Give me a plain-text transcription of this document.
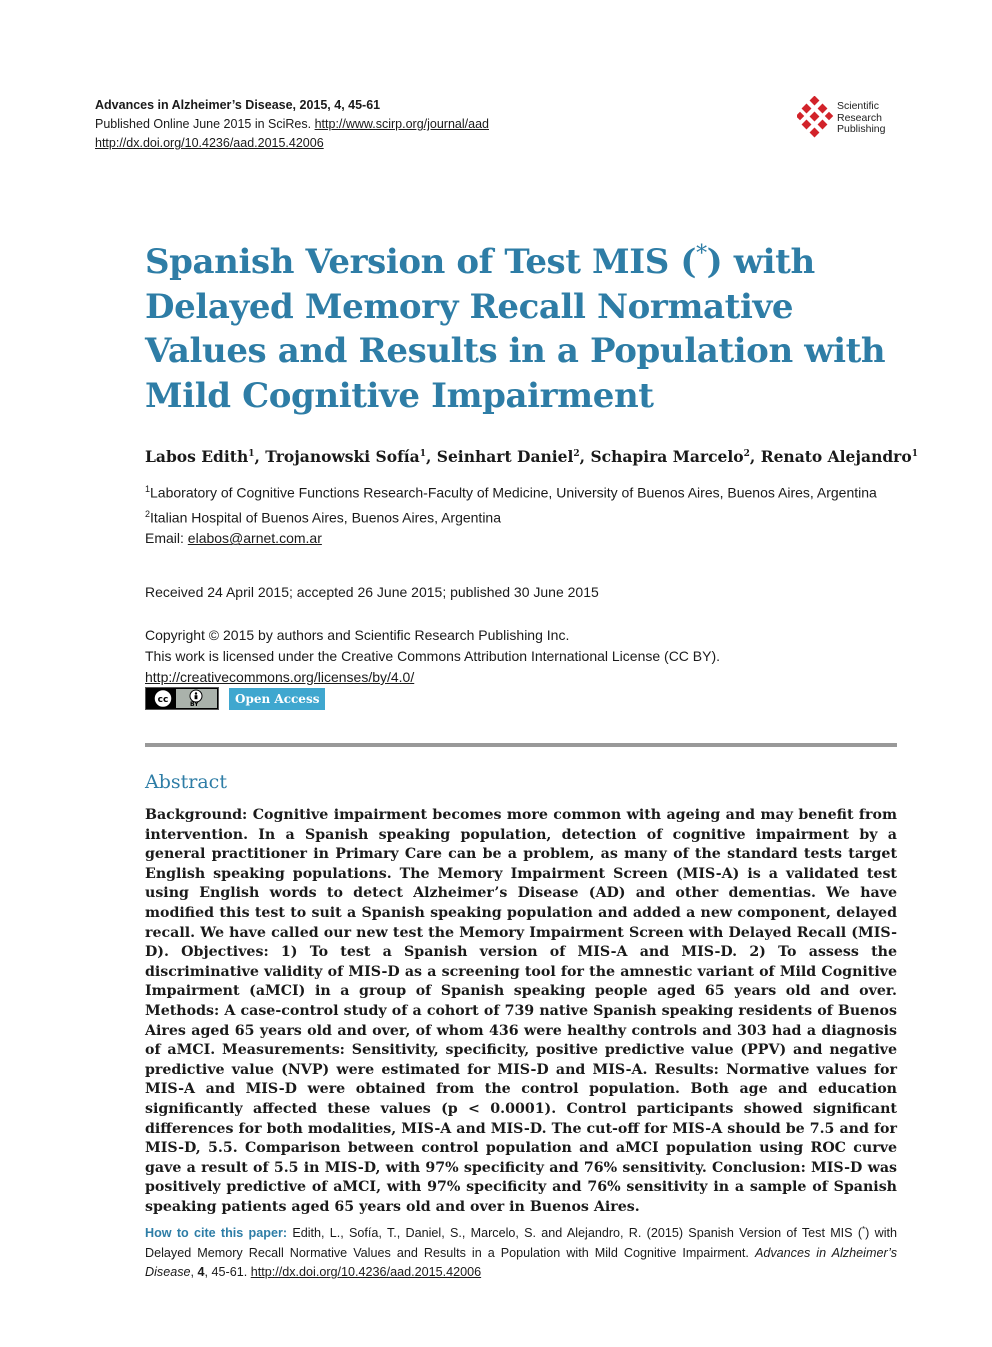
Advances in Alzheimer’s Disease, 2015, 4, 45-61
Published Online June 2015 in SciRes. http://www.scirp.org/journal/aad
http://dx.doi.org/10.4236/aad.2015.42006
Scientific
Research
Publishing
Spanish Version of Test MIS (*) with Delayed Memory Recall Normative Values and Results in a Population with Mild Cognitive Impairment
Labos Edith$^1$, Trojanowski Sofía$^1$, Seinhart Daniel$^2$, Schapira Marcelo$^2$, Renato Alejandro$^1$
$^1$Laboratory of Cognitive Functions Research-Faculty of Medicine, University of Buenos Aires, Buenos Aires, Argentina
$^2$Italian Hospital of Buenos Aires, Buenos Aires, Argentina
Email: elabos@arnet.com.ar
Received 24 April 2015; accepted 26 June 2015; published 30 June 2015
Copyright © 2015 by authors and Scientific Research Publishing Inc.
This work is licensed under the Creative Commons Attribution International License (CC BY).
http://creativecommons.org/licenses/by/4.0/
cc	BY	Open Access
Abstract
Background: Cognitive impairment becomes more common with ageing and may benefit from intervention. In a Spanish speaking population, detection of cognitive impairment by a general practitioner in Primary Care can be a problem, as many of the standard tests target English speaking populations. The Memory Impairment Screen (MIS-A) is a validated test using English words to detect Alzheimer’s Disease (AD) and other dementias. We have modified this test to suit a Spanish speaking population and added a new component, delayed recall. We have called our new test the Memory Impairment Screen with Delayed Recall (MIS-D). Objectives: 1) To test a Spanish version of MIS-A and MIS-D. 2) To assess the discriminative validity of MIS-D as a screening tool for the amnestic variant of Mild Cognitive Impairment (aMCI) in a group of Spanish speaking people aged 65 years old and over. Methods: A case-control study of a cohort of 739 native Spanish speaking residents of Buenos Aires aged 65 years old and over, of whom 436 were healthy controls and 303 had a diagnosis of aMCI. Measurements: Sensitivity, specificity, positive predictive value (PPV) and negative predictive value (NVP) were estimated for MIS-D and MIS-A. Results: Normative values for MIS-A and MIS-D were obtained from the control population. Both age and education significantly affected these values (p < 0.0001). Control participants showed significant differences for both modalities, MIS-A and MIS-D. The cut-off for MIS-A should be 7.5 and for MIS-D, 5.5. Comparison between control population and aMCI population using ROC curve gave a result of 5.5 in MIS-D, with 97% specificity and 76% sensitivity. Conclusion: MIS-D was positively predictive of aMCI, with 97% specificity and 76% sensitivity in a sample of Spanish speaking patients aged 65 years old and over in Buenos Aires.
How to cite this paper: Edith, L., Sofía, T., Daniel, S., Marcelo, S. and Alejandro, R. (2015) Spanish Version of Test MIS (*) with Delayed Memory Recall Normative Values and Results in a Population with Mild Cognitive Impairment. Advances in Alzheimer’s Disease, 4, 45-61. http://dx.doi.org/10.4236/aad.2015.42006
